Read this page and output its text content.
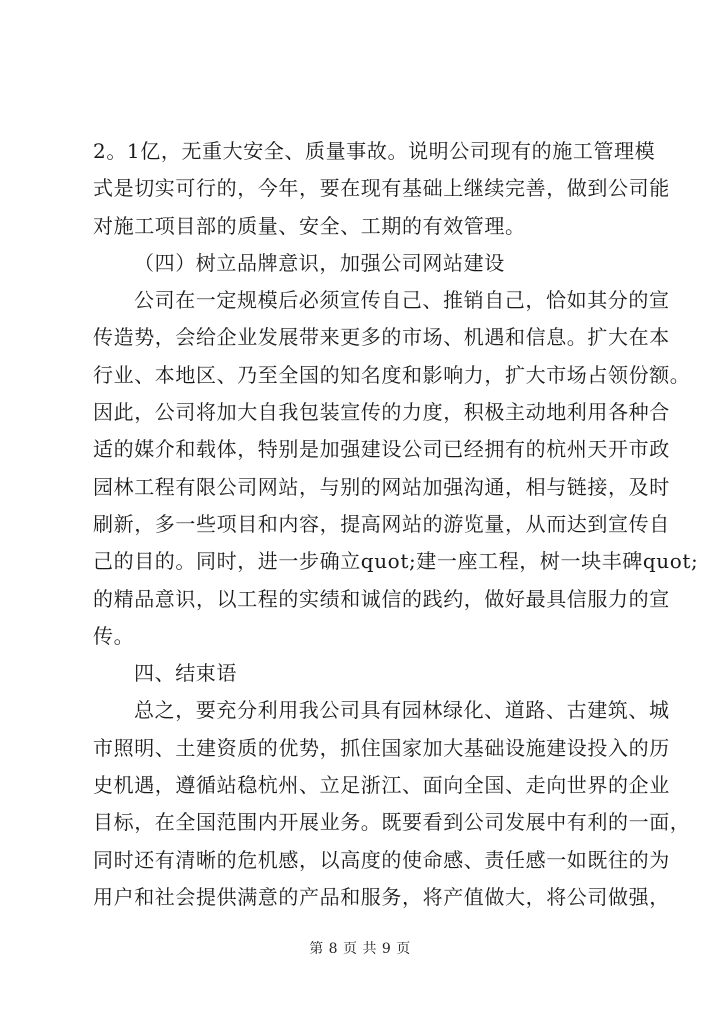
2。1亿，无重大安全、质量事故。说明公司现有的施工管理模
式是切实可行的，今年，要在现有基础上继续完善，做到公司能
对施工项目部的质量、安全、工期的有效管理。
（四）树立品牌意识，加强公司网站建设
公司在一定规模后必须宣传自己、推销自己，恰如其分的宣
传造势，会给企业发展带来更多的市场、机遇和信息。扩大在本
行业、本地区、乃至全国的知名度和影响力，扩大市场占领份额。
因此，公司将加大自我包装宣传的力度，积极主动地利用各种合
适的媒介和载体，特别是加强建设公司已经拥有的杭州天开市政
园林工程有限公司网站，与别的网站加强沟通，相与链接，及时
刷新，多一些项目和内容，提高网站的游览量，从而达到宣传自
己的目的。同时，进一步确立quot;建一座工程，树一块丰碑quot;
的精品意识，以工程的实绩和诚信的践约，做好最具信服力的宣
传。
四、结束语
总之，要充分利用我公司具有园林绿化、道路、古建筑、城
市照明、土建资质的优势，抓住国家加大基础设施建设投入的历
史机遇，遵循站稳杭州、立足浙江、面向全国、走向世界的企业
目标，在全国范围内开展业务。既要看到公司发展中有利的一面，
同时还有清晰的危机感，以高度的使命感、责任感一如既往的为
用户和社会提供满意的产品和服务，将产值做大，将公司做强，
第 8 页 共 9 页
